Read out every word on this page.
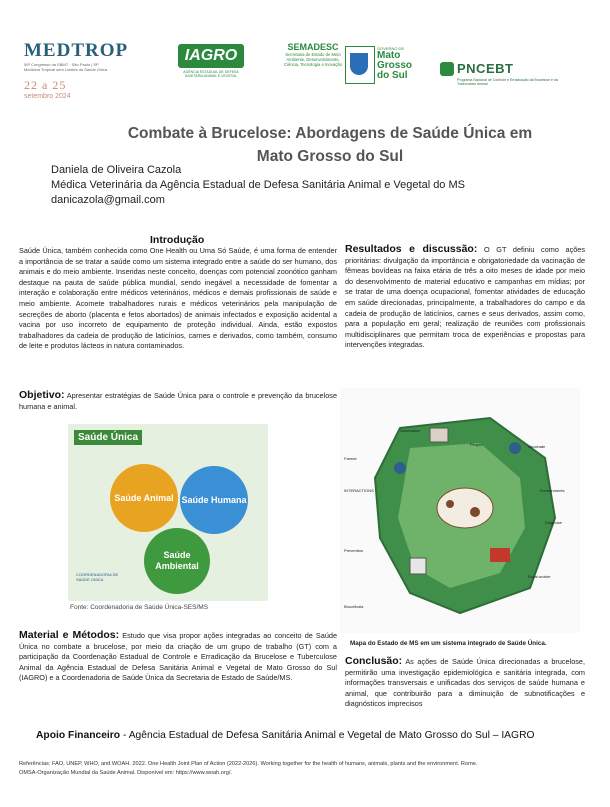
MEDTROP
59º Congresso da SBMT · São Paulo | SP
Medicina Tropical sem Limites da Saúde Única
22 a 25
setembro 2024
IAGRO
AGÊNCIA ESTADUAL DE DEFESA SANITÁRIA ANIMAL E VEGETAL
SEMADESC
Secretaria de Estado de Meio Ambiente, Desenvolvimento, Ciência, Tecnologia e Inovação
GOVERNO DE
Mato
Grosso
do Sul	PNCEBT
Programa Nacional de Controle e Erradicação da Brucelose e da Tuberculose Animal
Combate à Brucelose: Abordagens de Saúde Única em Mato Grosso do Sul
Daniela de Oliveira Cazola
Médica Veterinária da Agência Estadual de Defesa Sanitária Animal e Vegetal do MS
danicazola@gmail.com
Introdução
Saúde Única, também conhecida como One Health ou Uma Só Saúde, é uma forma de entender a importância de se tratar a saúde como um sistema integrado entre a saúde do ser humano, dos animais e do meio ambiente. Inseridas neste conceito, doenças com potencial zoonótico ganham destaque na pauta de saúde pública mundial, sendo inegável a necessidade de fomentar a interação e colaboração entre médicos veterinários, médicos e demais profissionais de saúde e meio ambiente. Acomete trabalhadores rurais e médicos veterinários pela manipulação de secreções de aborto (placenta e fetos abortados) de animais infectados e exposição acidental a vacina por uso incorreto de equipamento de proteção individual. Ainda, estão expostos trabalhadores da cadeia de produção de laticínios, carnes e derivados, como também, consumo de leite e produtos lácteos in natura contaminados.
Objetivo: Apresentar estratégias de Saúde Única para o controle e prevenção da brucelose humana e animal.
Saúde Única
Saúde Animal Saúde Humana
Saúde Ambiental
COORDENADORIA DE SAÚDE ÚNICA
Fonte: Coordenadoria de Saúde Única-SES/MS
Material e Métodos: Estudo que visa propor ações integradas ao conceito de Saúde Única no combate a brucelose, por meio da criação de um grupo de trabalho (GT) com a participação da Coordenação Estadual de Controle e Erradicação da Brucelose e Tuberculose Animal da Agência Estadual de Defesa Sanitária Animal e Vegetal de Mato Grosso do Sul (IAGRO) e a Coordenadoria de Saúde Única da Secretaria de Estado de Saúde/MS.
Resultados e discussão: O GT definiu como ações prioritárias: divulgação da importância e obrigatoriedade da vacinação de fêmeas bovídeas na faixa etária de três a oito meses de idade por meio do desenvolvimento de material educativo e campanhas em mídias; por se tratar de uma doença ocupacional, fomentar atividades de educação em saúde direcionadas, principalmente, a trabalhadores do campo e da cadeia de produção de laticínios, carnes e seus derivados, assim como, para a população em geral; realização de reuniões com profissionais multidisciplinares que permitam troca de experiências e propostas para intervenções integradas.
Vaccination
People	Vaccinate
Farmer
Environments
Diagnose
Brucellosis
Rural worker
INTERACTIONS
Prevention
Mapa do Estado de MS em um sistema integrado de Saúde Única.
Conclusão: As ações de Saúde Única direcionadas a brucelose, permitirão uma investigação epidemiológica e sanitária integrada, com informações transversais e unificadas dos serviços de saúde humana e animal, que contribuirão para a diminuição de subnotificações e diagnósticos imprecisos
Apoio Financeiro - Agência Estadual de Defesa Sanitária Animal e Vegetal de Mato Grosso do Sul – IAGRO
Referências: FAO, UNEP, WHO, and WOAH. 2022. One Health Joint Plan of Action (2022-2026). Working together for the health of humans, animals, plants and the environment. Rome.
OMSA-Organização Mundial da Saúde Animal. Disponível em: https://www.woah.org/.
